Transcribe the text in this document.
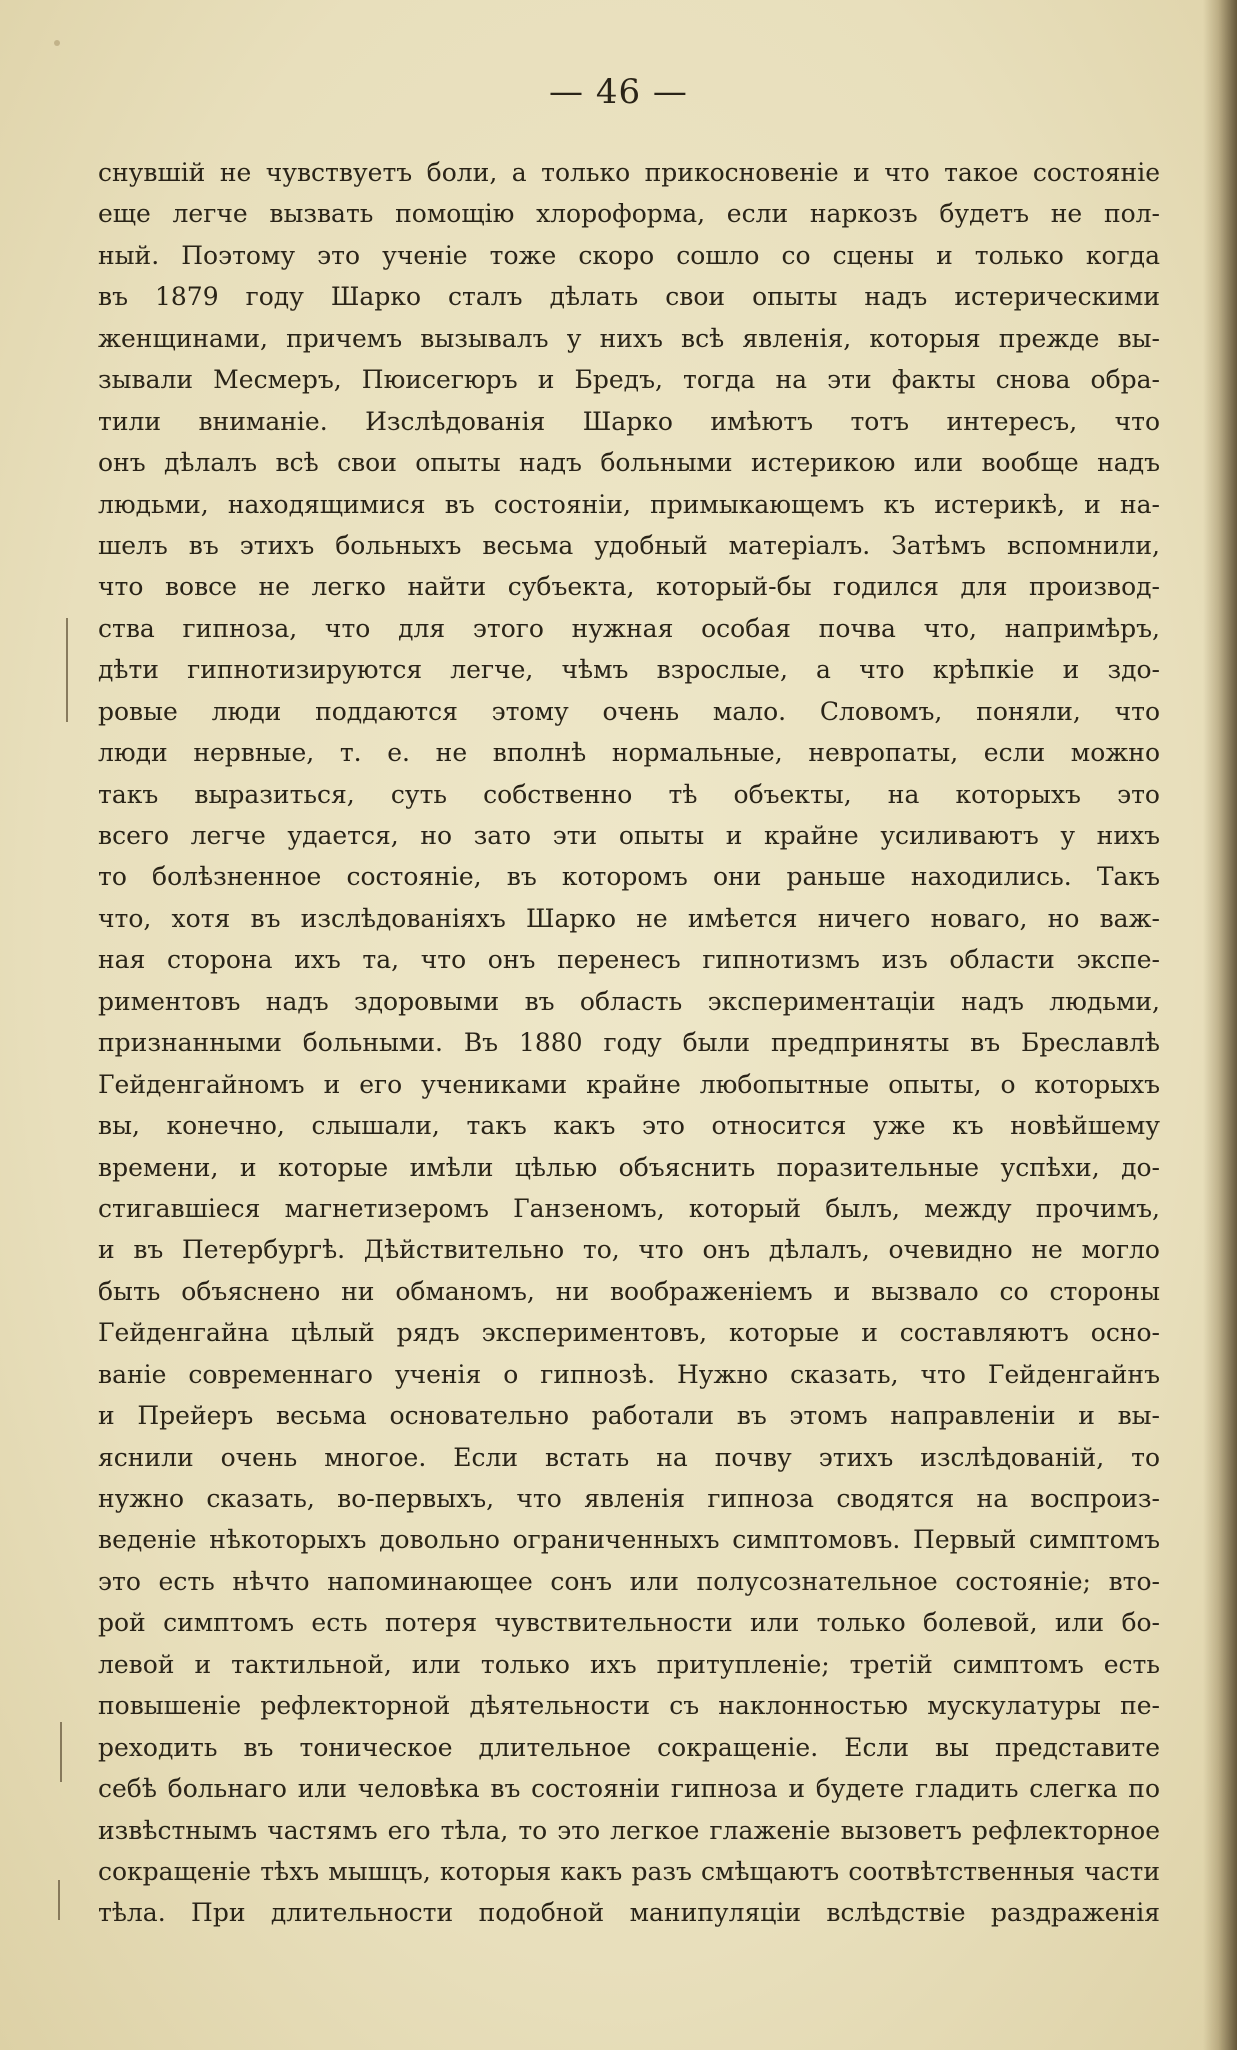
— 46 —
снувшій не чувствуетъ боли, а только прикосновеніе и что такое состояніе
еще легче вызвать помощію хлороформа, если наркозъ будетъ не пол-
ный. Поэтому это ученіе тоже скоро сошло со сцены и только когда
въ 1879 году Шарко сталъ дѣлать свои опыты надъ истерическими
женщинами, причемъ вызывалъ у нихъ всѣ явленія, которыя прежде вы-
зывали Месмеръ, Пюисегюръ и Бредъ, тогда на эти факты снова обра-
тили вниманіе. Изслѣдованія Шарко имѣютъ тотъ интересъ, что
онъ дѣлалъ всѣ свои опыты надъ больными истерикою или вообще надъ
людьми, находящимися въ состояніи, примыкающемъ къ истерикѣ, и на-
шелъ въ этихъ больныхъ весьма удобный матеріалъ. Затѣмъ вспомнили,
что вовсе не легко найти субъекта, который-бы годился для производ-
ства гипноза, что для этого нужная особая почва что, напримѣръ,
дѣти гипнотизируются легче, чѣмъ взрослые, а что крѣпкіе и здо-
ровые люди поддаются этому очень мало. Словомъ, поняли, что
люди нервные, т. е. не вполнѣ нормальные, невропаты, если можно
такъ выразиться, суть собственно тѣ объекты, на которыхъ это
всего легче удается, но зато эти опыты и крайне усиливаютъ у нихъ
то болѣзненное состояніе, въ которомъ они раньше находились. Такъ
что, хотя въ изслѣдованіяхъ Шарко не имѣется ничего новаго, но важ-
ная сторона ихъ та, что онъ перенесъ гипнотизмъ изъ области экспе-
риментовъ надъ здоровыми въ область экспериментаціи надъ людьми,
признанными больными. Въ 1880 году были предприняты въ Бреславлѣ
Гейденгайномъ и его учениками крайне любопытные опыты, о которыхъ
вы, конечно, слышали, такъ какъ это относится уже къ новѣйшему
времени, и которые имѣли цѣлью объяснить поразительные успѣхи, до-
стигавшіеся магнетизеромъ Ганзеномъ, который былъ, между прочимъ,
и въ Петербургѣ. Дѣйствительно то, что онъ дѣлалъ, очевидно не могло
быть объяснено ни обманомъ, ни воображеніемъ и вызвало со стороны
Гейденгайна цѣлый рядъ экспериментовъ, которые и составляютъ осно-
ваніе современнаго ученія о гипнозѣ. Нужно сказать, что Гейденгайнъ
и Прейеръ весьма основательно работали въ этомъ направленіи и вы-
яснили очень многое. Если встать на почву этихъ изслѣдованій, то
нужно сказать, во-первыхъ, что явленія гипноза сводятся на воспроиз-
веденіе нѣкоторыхъ довольно ограниченныхъ симптомовъ. Первый симптомъ
это есть нѣчто напоминающее сонъ или полусознательное состояніе; вто-
рой симптомъ есть потеря чувствительности или только болевой, или бо-
левой и тактильной, или только ихъ притупленіе; третій симптомъ есть
повышеніе рефлекторной дѣятельности съ наклонностью мускулатуры пе-
реходить въ тоническое длительное сокращеніе. Если вы представите
себѣ больнаго или человѣка въ состояніи гипноза и будете гладить слегка по
извѣстнымъ частямъ его тѣла, то это легкое глаженіе вызоветъ рефлекторное
сокращеніе тѣхъ мышцъ, которыя какъ разъ смѣщаютъ соотвѣтственныя части
тѣла. При длительности подобной манипуляціи вслѣдствіе раздраженія
